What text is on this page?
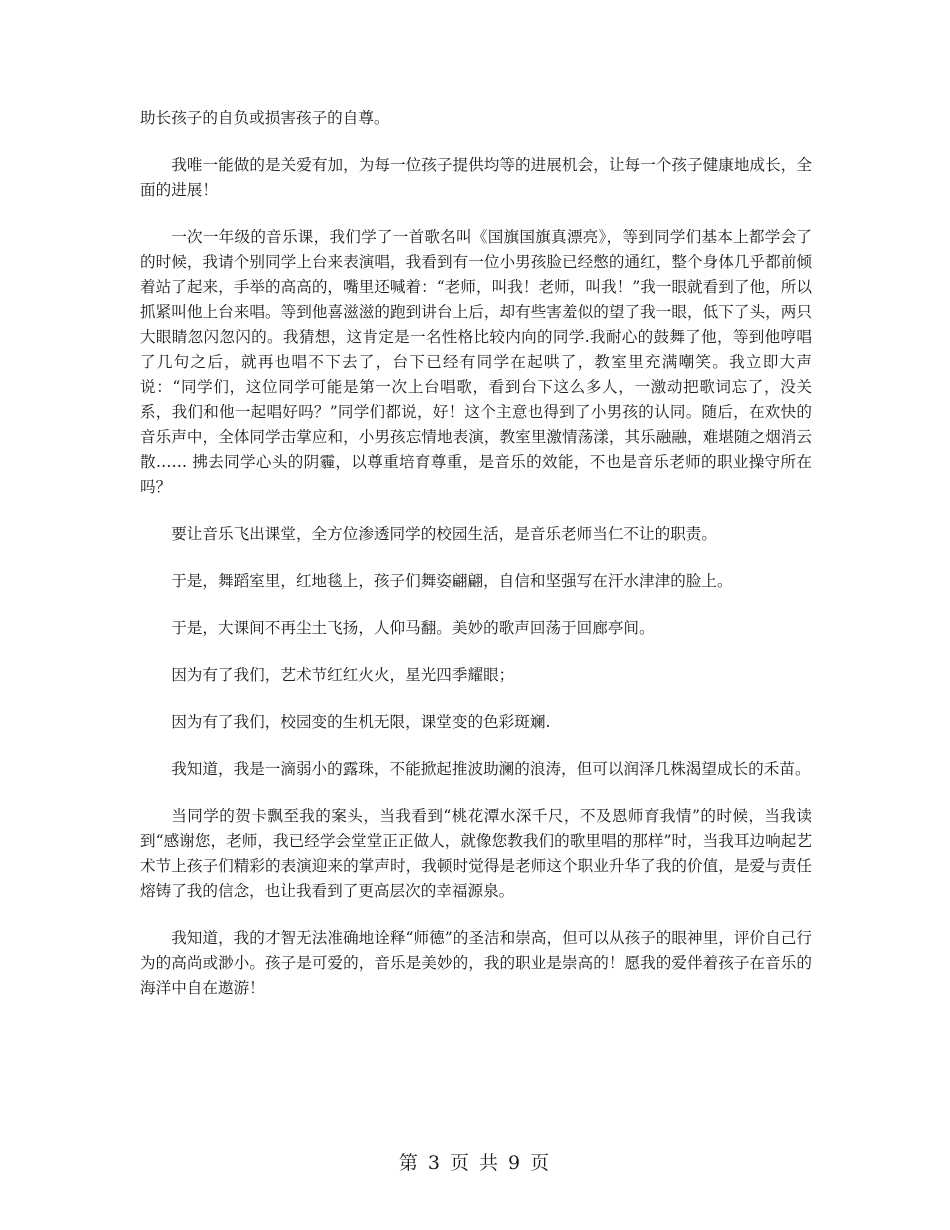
助长孩子的自负或损害孩子的自尊。

我唯一能做的是关爱有加，为每一位孩子提供均等的进展机会，让每一个孩子健康地成长，全面的进展！

一次一年级的音乐课，我们学了一首歌名叫《国旗国旗真漂亮》，等到同学们基本上都学会了的时候，我请个别同学上台来表演唱，我看到有一位小男孩脸已经憋的通红，整个身体几乎都前倾着站了起来，手举的高高的，嘴里还喊着：“老师，叫我！老师，叫我！”我一眼就看到了他，所以抓紧叫他上台来唱。等到他喜滋滋的跑到讲台上后，却有些害羞似的望了我一眼，低下了头，两只大眼睛忽闪忽闪的。我猜想，这肯定是一名性格比较内向的同学.我耐心的鼓舞了他，等到他哼唱了几句之后，就再也唱不下去了，台下已经有同学在起哄了，教室里充满嘲笑。我立即大声说：“同学们，这位同学可能是第一次上台唱歌，看到台下这么多人，一激动把歌词忘了，没关系，我们和他一起唱好吗？”同学们都说，好！这个主意也得到了小男孩的认同。随后，在欢快的音乐声中，全体同学击掌应和，小男孩忘情地表演，教室里激情荡漾，其乐融融，难堪随之烟消云散…… 拂去同学心头的阴霾，以尊重培育尊重，是音乐的效能，不也是音乐老师的职业操守所在吗？

要让音乐飞出课堂，全方位渗透同学的校园生活，是音乐老师当仁不让的职责。

于是，舞蹈室里，红地毯上，孩子们舞姿翩翩，自信和坚强写在汗水津津的脸上。

于是，大课间不再尘土飞扬，人仰马翻。美妙的歌声回荡于回廊亭间。

因为有了我们，艺术节红红火火，星光四季耀眼；

因为有了我们，校园变的生机无限，课堂变的色彩斑斓.

我知道，我是一滴弱小的露珠，不能掀起推波助澜的浪涛，但可以润泽几株渴望成长的禾苗。

当同学的贺卡飘至我的案头，当我看到“桃花潭水深千尺，不及恩师育我情”的时候，当我读到“感谢您，老师，我已经学会堂堂正正做人，就像您教我们的歌里唱的那样”时，当我耳边响起艺术节上孩子们精彩的表演迎来的掌声时，我顿时觉得是老师这个职业升华了我的价值，是爱与责任熔铸了我的信念，也让我看到了更高层次的幸福源泉。

我知道，我的才智无法准确地诠释“师德”的圣洁和崇高，但可以从孩子的眼神里，评价自己行为的高尚或渺小。孩子是可爱的，音乐是美妙的，我的职业是崇高的！愿我的爱伴着孩子在音乐的海洋中自在遨游！

第 3 页 共 9 页
